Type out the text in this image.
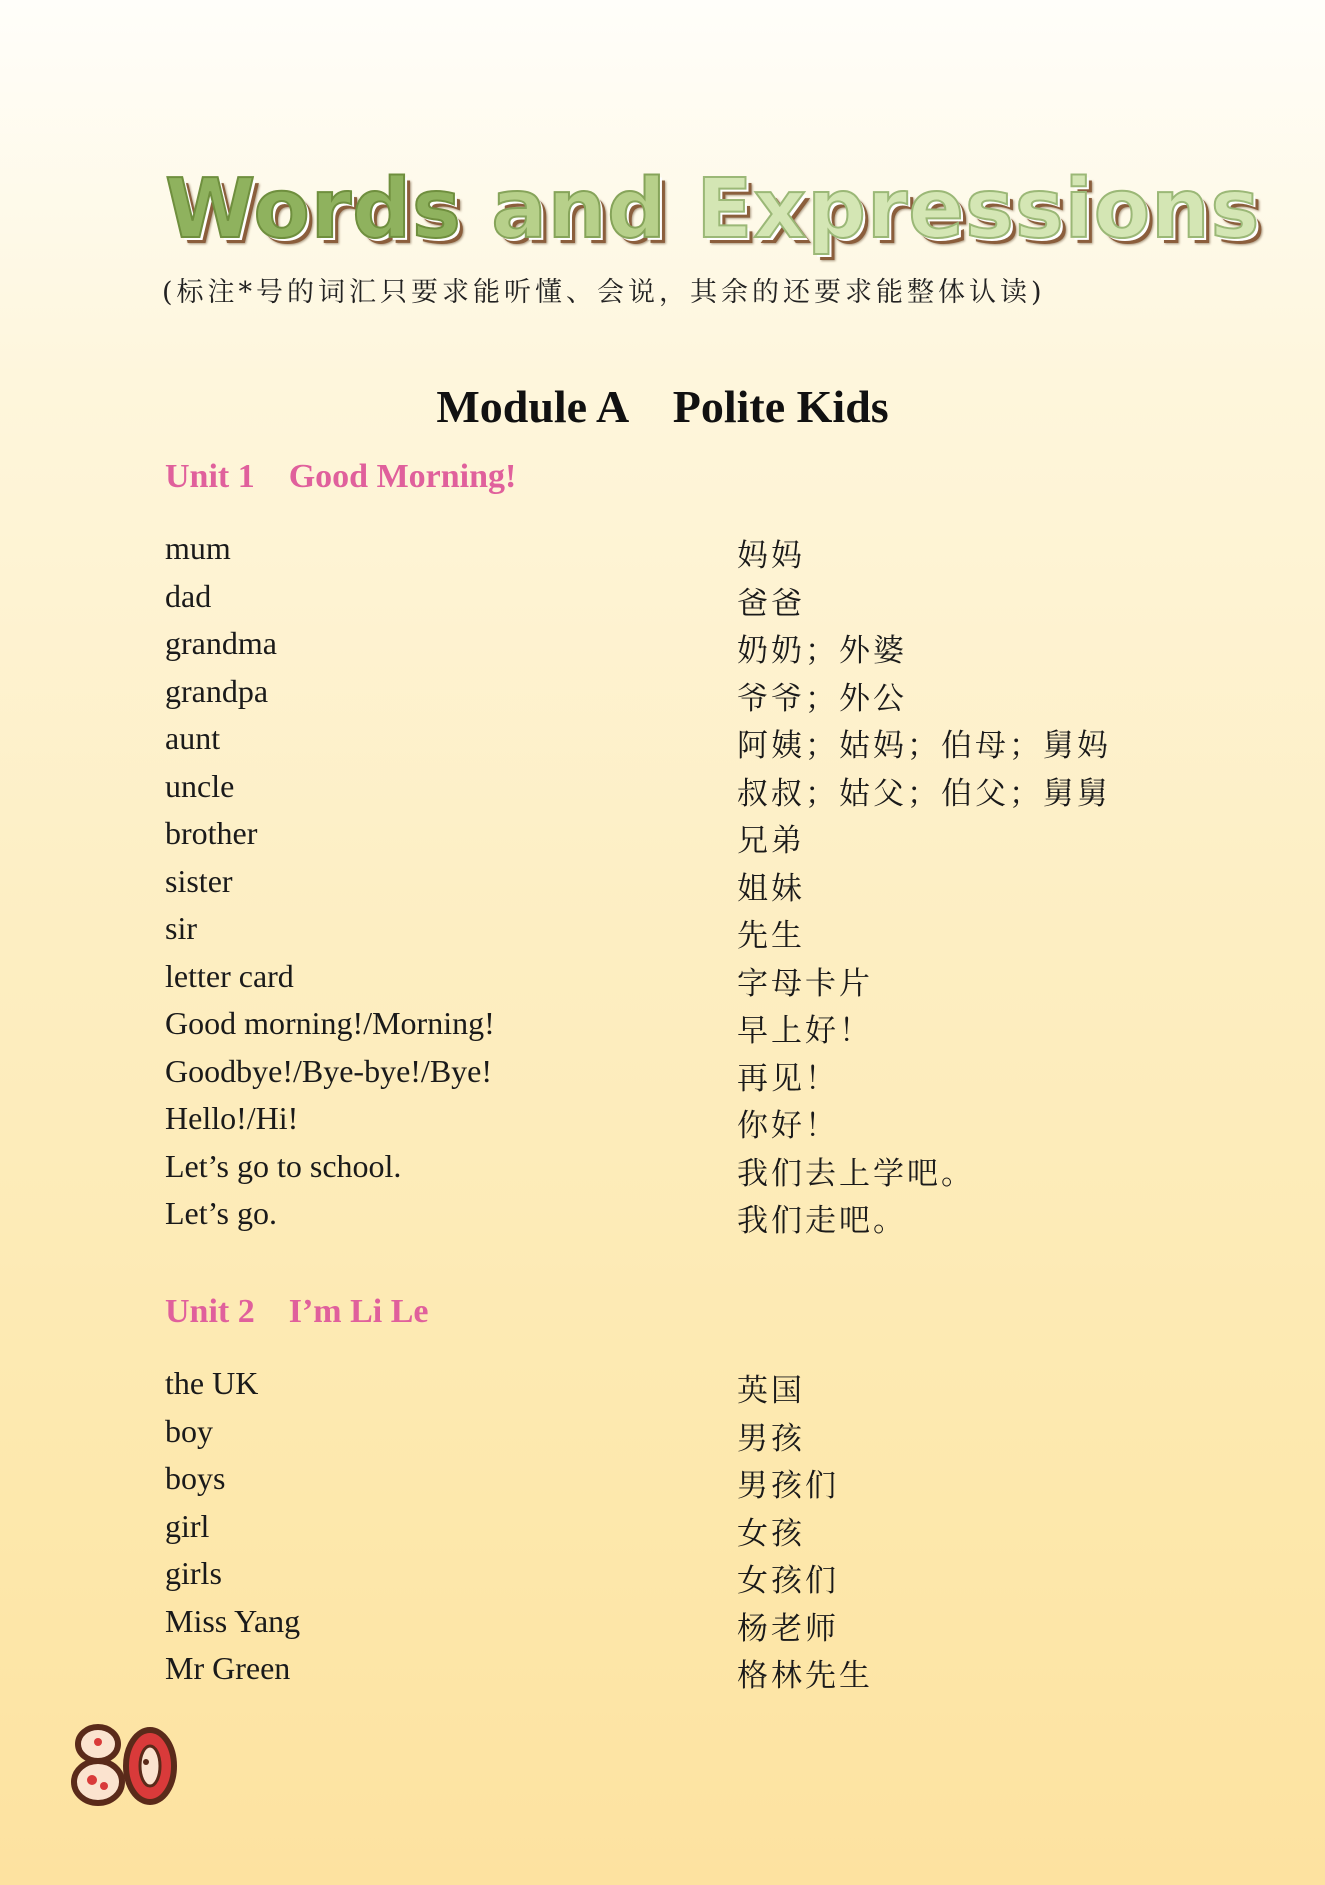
Words and Expressions
(标注*号的词汇只要求能听懂、会说，其余的还要求能整体认读)
Module A    Polite Kids
Unit 1    Good Morning!
mum	妈妈
dad	爸爸
grandma	奶奶；外婆
grandpa	爷爷；外公
aunt	阿姨；姑妈；伯母；舅妈
uncle	叔叔；姑父；伯父；舅舅
brother	兄弟
sister	姐妹
sir	先生
letter card	字母卡片
Good morning!/Morning!	早上好！
Goodbye!/Bye-bye!/Bye!	再见！
Hello!/Hi!	你好！
Let’s go to school.	我们去上学吧。
Let’s go.	我们走吧。
Unit 2    I’m Li Le
the UK	英国
boy	男孩
boys	男孩们
girl	女孩
girls	女孩们
Miss Yang	杨老师
Mr Green	格林先生
